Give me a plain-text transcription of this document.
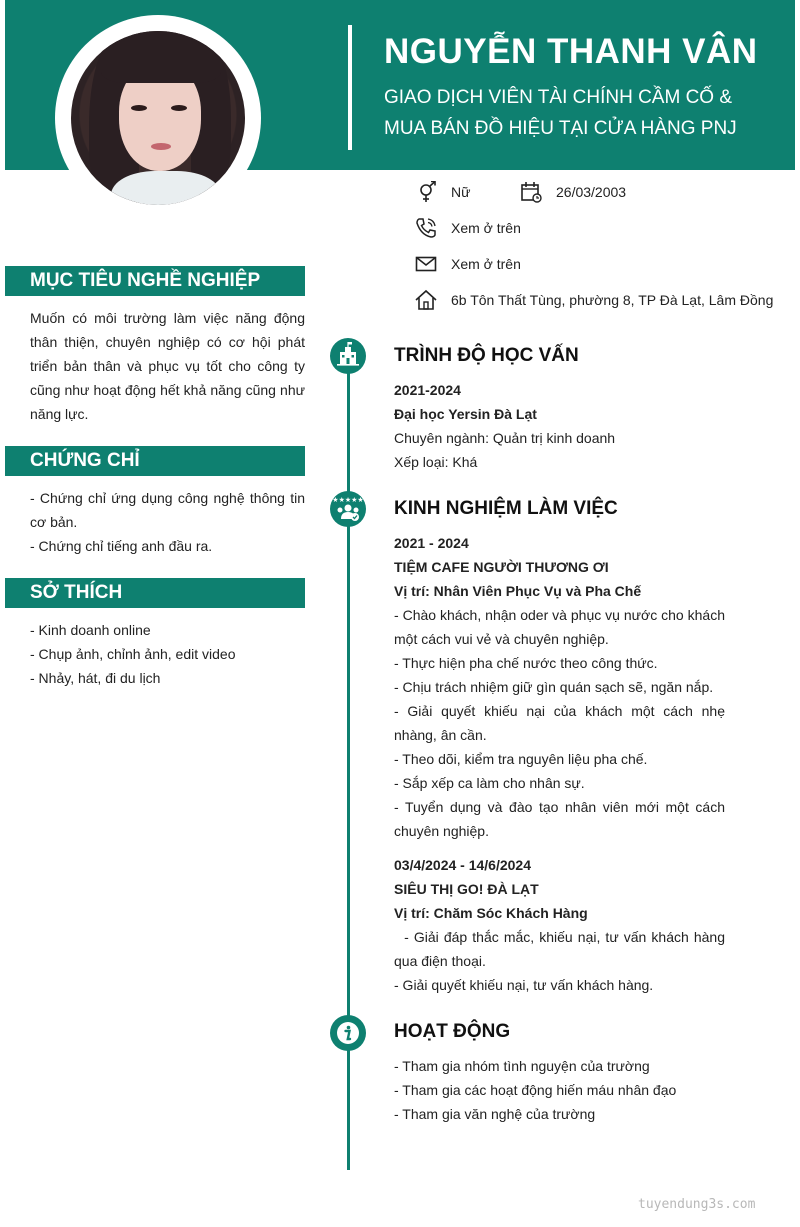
NGUYỄN THANH VÂN
GIAO DỊCH VIÊN TÀI CHÍNH CẦM CỐ &
MUA BÁN ĐỒ HIỆU TẠI CỬA HÀNG PNJ
Nữ	26/03/2003
Xem ở trên
Xem ở trên
6b Tôn Thất Tùng, phường 8, TP Đà Lạt, Lâm Đồng
MỤC TIÊU NGHỀ NGHIỆP
Muốn có môi trường làm việc năng động thân thiện, chuyên nghiệp có cơ hội phát triển bản thân và phục vụ tốt cho công ty cũng như hoạt động hết khả năng cũng như năng lực.
CHỨNG CHỈ
- Chứng chỉ ứng dụng công nghệ thông tin cơ bản.
- Chứng chỉ tiếng anh đầu ra.
SỞ THÍCH
- Kinh doanh online
- Chụp ảnh, chỉnh ảnh, edit video
- Nhảy, hát, đi du lịch
★★★★★
TRÌNH ĐỘ HỌC VẤN
2021-2024
Đại học Yersin Đà Lạt
Chuyên ngành: Quản trị kinh doanh
Xếp loại: Khá
KINH NGHIỆM LÀM VIỆC
2021 - 2024
TIỆM CAFE NGƯỜI THƯƠNG ƠI
Vị trí: Nhân Viên Phục Vụ và Pha Chế
- Chào khách, nhận oder và phục vụ nước cho khách một cách vui vẻ và chuyên nghiệp.
- Thực hiện pha chế nước theo công thức.
- Chịu trách nhiệm giữ gìn quán sạch sẽ, ngăn nắp.
- Giải quyết khiếu nại của khách một cách nhẹ nhàng, ân cần.
- Theo dõi, kiểm tra nguyên liệu pha chế.
- Sắp xếp ca làm cho nhân sự.
- Tuyển dụng và đào tạo nhân viên mới một cách chuyên nghiệp.
03/4/2024 - 14/6/2024
SIÊU THỊ GO! ĐÀ LẠT
Vị trí: Chăm Sóc Khách Hàng
- Giải đáp thắc mắc, khiếu nại, tư vấn khách hàng qua điện thoại.
- Giải quyết khiếu nại, tư vấn khách hàng.
HOẠT ĐỘNG
- Tham gia nhóm tình nguyện của trường
- Tham gia các hoạt động hiến máu nhân đạo
- Tham gia văn nghệ của trường
tuyendung3s.com
